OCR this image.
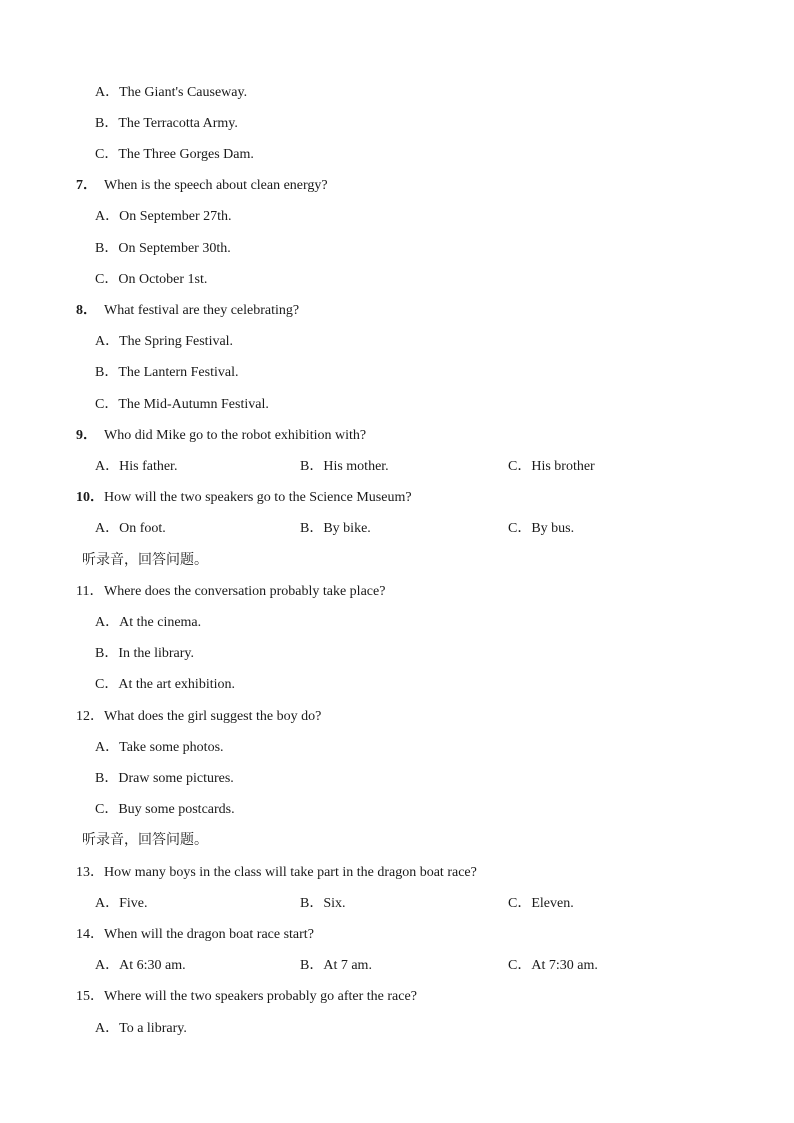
A．The Giant's Causeway.
B．The Terracotta Army.
C．The Three Gorges Dam.
7． When is the speech about clean energy?
A．On September 27th.
B．On September 30th.
C．On October 1st.
8． What festival are they celebrating?
A．The Spring Festival.
B．The Lantern Festival.
C．The Mid-Autumn Festival.
9． Who did Mike go to the robot exhibition with?
A．His father.	B．His mother.	C．His brother
10．How will the two speakers go to the Science Museum?
A．On foot.	B．By bike.	C．By bus.
听录音，回答问题。
11．Where does the conversation probably take place?
A．At the cinema.
B．In the library.
C．At the art exhibition.
12．What does the girl suggest the boy do?
A．Take some photos.
B．Draw some pictures.
C．Buy some postcards.
听录音，回答问题。
13．How many boys in the class will take part in the dragon boat race?
A．Five.	B．Six.	C．Eleven.
14．When will the dragon boat race start?
A．At 6:30 am.	B．At 7 am.	C．At 7:30 am.
15．Where will the two speakers probably go after the race?
A．To a library.
